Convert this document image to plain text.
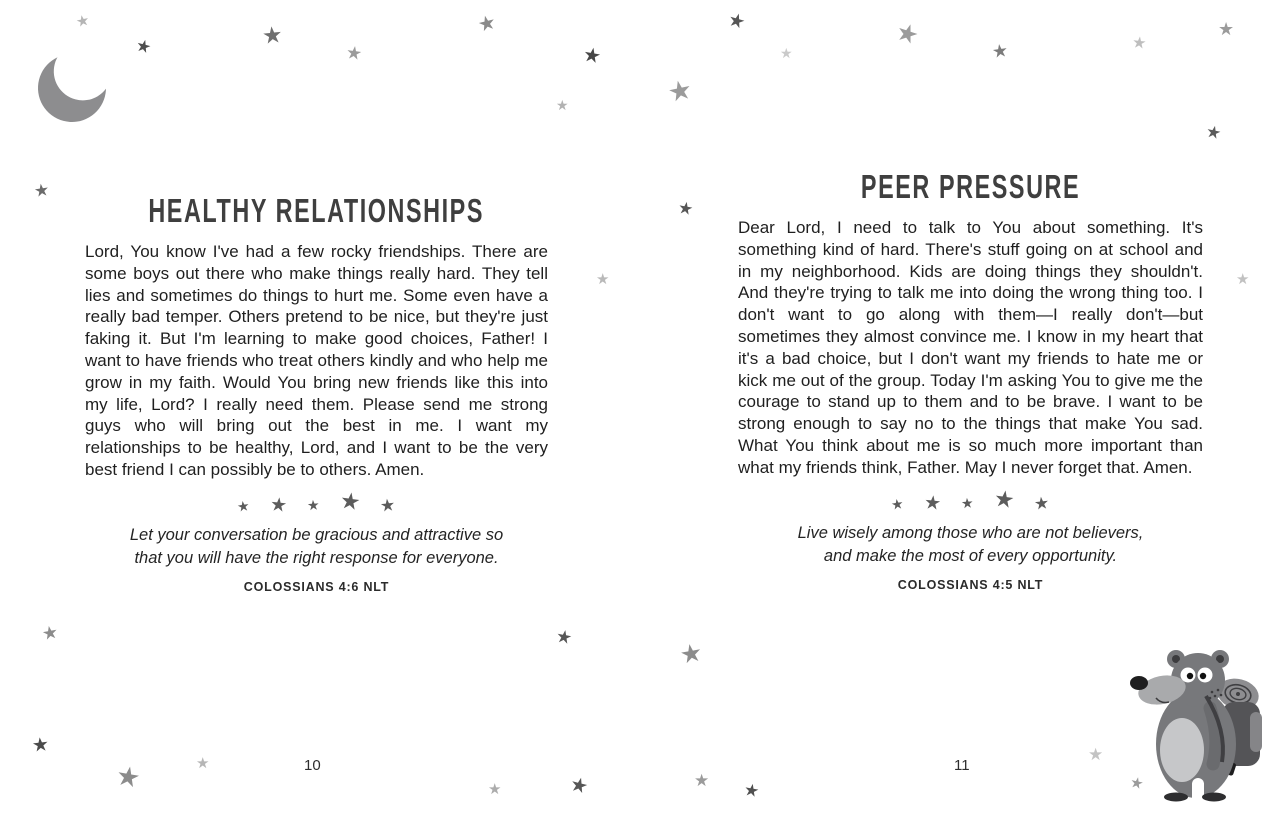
★
★	★
★
★
★
★	★
★
★
★
★	★
★
★
★
★
★	★
★	★
★
★	★
★	★
★
★ ★
★
★
HEALTHY RELATIONSHIPS

Lord, You know I've had a few rocky friendships. There are some boys out there who make things really hard. They tell lies and sometimes do things to hurt me. Some even have a really bad temper. Others pretend to be nice, but they're just faking it. But I'm learning to make good choices, Father! I want to have friends who treat others kindly and who help me grow in my faith. Would You bring new friends like this into my life, Lord? I really need them. Please send me strong guys who will bring out the best in me. I want my relationships to be healthy, Lord, and I want to be the very best friend I can possibly be to others. Amen.

★ ★ ★ ★ ★

Let your conversation be gracious and attractive so
that you will have the right response for everyone.

COLOSSIANS 4:6 NLT
PEER PRESSURE

Dear Lord, I need to talk to You about something. It's something kind of hard. There's stuff going on at school and in my neighborhood. Kids are doing things they shouldn't. And they're trying to talk me into doing the wrong thing too. I don't want to go along with them—I really don't—but sometimes they almost convince me. I know in my heart that it's a bad choice, but I don't want my friends to hate me or kick me out of the group. Today I'm asking You to give me the courage to stand up to them and to be brave. I want to be strong enough to say no to the things that make You sad. What You think about me is so much more important than what my friends think, Father. May I never forget that. Amen.

★ ★ ★ ★ ★

Live wisely among those who are not believers,
and make the most of every opportunity.

COLOSSIANS 4:5 NLT
10	11
